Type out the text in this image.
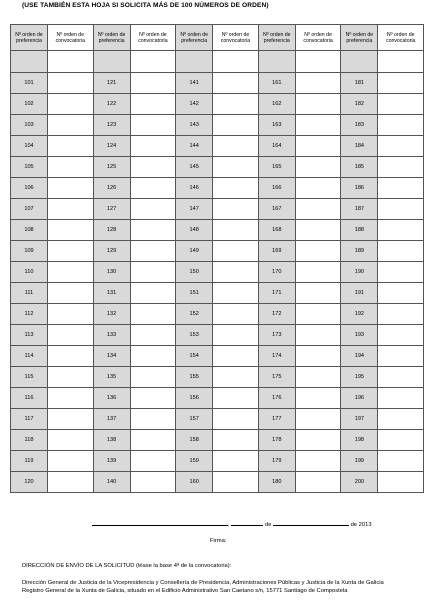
(USE TAMBIÉN ESTA HOJA SI SOLICITA MÁS DE 100 NÚMEROS DE ORDEN)
Nº orden de preferencia	Nº orden de convocatoria	Nº orden de preferencia	Nº orden de convocatoria	Nº orden de preferencia	Nº orden de convocatoria	Nº orden de preferencia	Nº orden de convocatoria	Nº orden de preferencia	Nº orden de convocatoria

101		121		141		161		181	
102		122		142		162		182	
103		123		143		163		183	
104		124		144		164		184	
105		125		145		165		185	
106		126		146		166		186	
107		127		147		167		187	
108		128		148		168		188	
109		129		149		169		189	
110		130		150		170		190	
111		131		151		171		191	
112		132		152		172		192	
113		133		153		173		193	
114		134		154		174		194	
115		135		155		175		195	
116		136		156		176		196	
117		137		157		177		197	
118		138		158		178		198	
119		139		159		179		199	
120		140		160		180		200	
,	de	de 2013
Firma:
DIRECCIÓN DE ENVÍO DE LA SOLICITUD (léase la base 4ª de la convocatoria):

Dirección General de Justicia de la Vicepresidencia y Consellería de Presidencia, Administraciones Públicas y Justicia de la Xunta de Galicia

Registro General de la Xunta de Galicia, situado en el Edificio Administrativo San Caetano s/n, 15771 Santiago de Compostela
